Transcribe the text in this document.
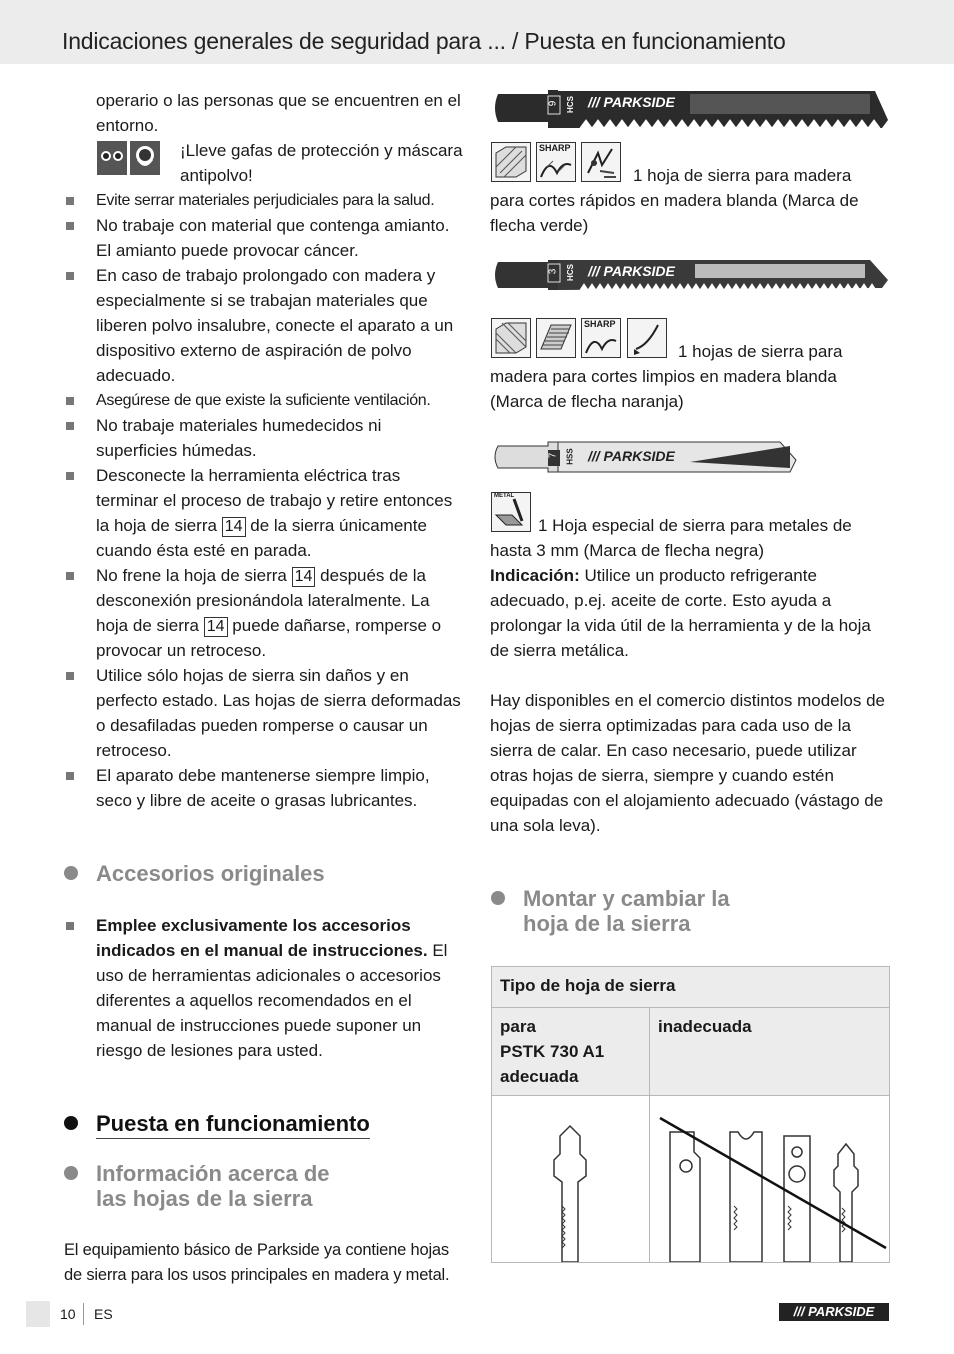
Indicaciones generales de seguridad para ... / Puesta en funcionamiento

operario o las personas que se encuentren en el entorno.

¡Lleve gafas de protección y máscara antipolvo!

Evite serrar materiales perjudiciales para la salud.

No trabaje con material que contenga amianto. El amianto puede provocar cáncer.

En caso de trabajo prolongado con madera y especialmente si se trabajan materiales que liberen polvo insalubre, conecte el aparato a un dispositivo externo de aspiración de polvo adecuado.

Asegúrese de que existe la suficiente ventilación.

No trabaje materiales humedecidos ni superficies húmedas.

Desconecte la herramienta eléctrica tras terminar el proceso de trabajo y retire entonces la hoja de sierra 14 de la sierra únicamente cuando ésta esté en parada.

No frene la hoja de sierra 14 después de la desconexión presionándola lateralmente. La hoja de sierra 14 puede dañarse, romperse o provocar un retroceso.

Utilice sólo hojas de sierra sin daños y en perfecto estado. Las hojas de sierra deformadas o desafiladas pueden romperse o causar un retroceso.

El aparato debe mantenerse siempre limpio, seco y libre de aceite o grasas lubricantes.

Accesorios originales

Emplee exclusivamente los accesorios indicados en el manual de instrucciones. El uso de herramientas adicionales o accesorios diferentes a aquellos recomendados en el manual de instrucciones puede suponer un riesgo de lesiones para usted.

Puesta en funcionamiento
Información acerca de
las hojas de la sierra

El equipamiento básico de Parkside ya contiene hojas de sierra para los usos principales en madera y metal.

9 HCS /// PARKSIDE
SHARP

1 hoja de sierra para madera para cortes rápidos en madera blanda (Marca de flecha verde)

3 HCS /// PARKSIDE
SHARP

1 hojas de sierra para madera para cortes limpios en madera blanda (Marca de flecha naranja)

7 HSS /// PARKSIDE
METAL

1 Hoja especial de sierra para metales de hasta 3 mm (Marca de flecha negra)

Indicación: Utilice un producto refrigerante adecuado, p.ej. aceite de corte. Esto ayuda a prolongar la vida útil de la herramienta y de la hoja de sierra metálica.

Hay disponibles en el comercio distintos modelos de hojas de sierra optimizadas para cada uso de la sierra de calar. En caso necesario, puede utilizar otras hojas de sierra, siempre y cuando estén equipadas con el alojamiento adecuado (vástago de una sola leva).

Montar y cambiar la
hoja de la sierra
Tipo de hoja de sierra	

para
PSTK 730 A1
adecuada	inadecuada

10 ES	/// PARKSIDE
